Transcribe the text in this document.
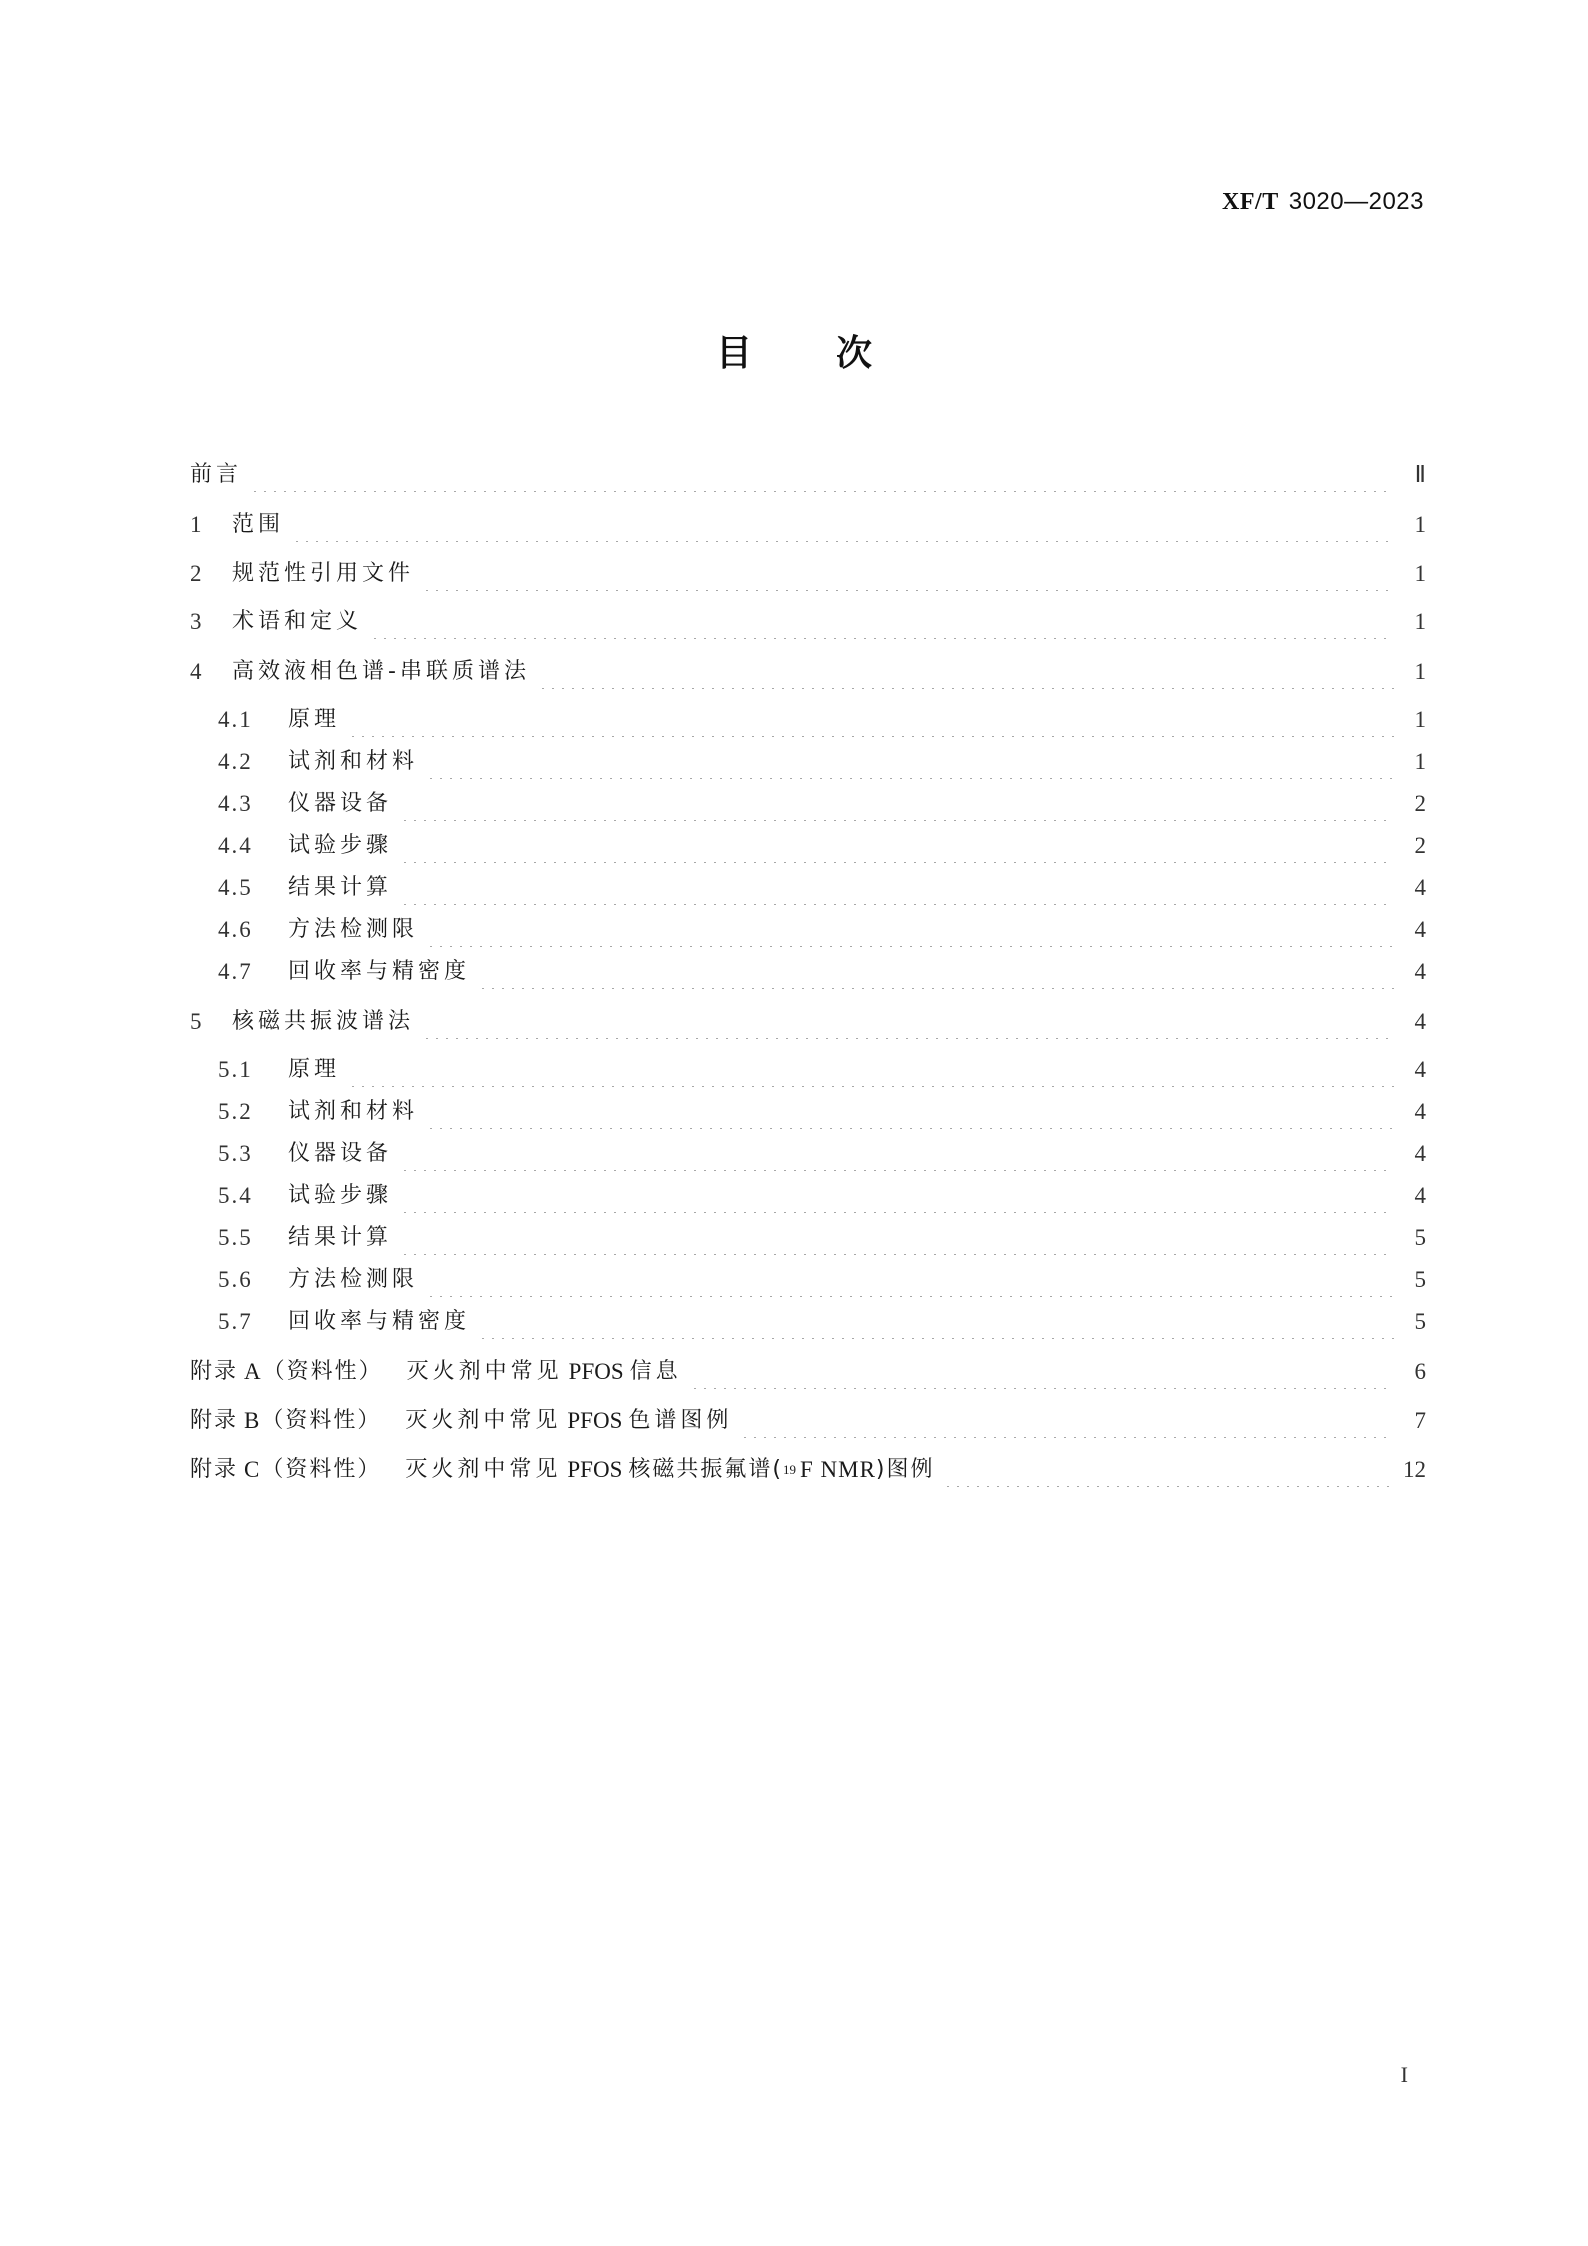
XF/T 3020—2023
目 次
前言	Ⅱ
1	范围	1
2	规范性引用文件	1
3	术语和定义	1
4	高效液相色谱-串联质谱法	1
4.1	原理	1
4.2	试剂和材料	1
4.3	仪器设备	2
4.4	试验步骤	2
4.5	结果计算	4
4.6	方法检测限	4
4.7	回收率与精密度	4
5	核磁共振波谱法	4
5.1	原理	4
5.2	试剂和材料	4
5.3	仪器设备	4
5.4	试验步骤	4
5.5	结果计算	5
5.6	方法检测限	5
5.7	回收率与精密度	5
附录 A （资料性） 灭火剂中常见 PFOS 信息	6
附录 B （资料性） 灭火剂中常见 PFOS 色谱图例	7
附录 C （资料性） 灭火剂中常见 PFOS 核磁共振氟谱( 19 F NMR )图例	12
I
